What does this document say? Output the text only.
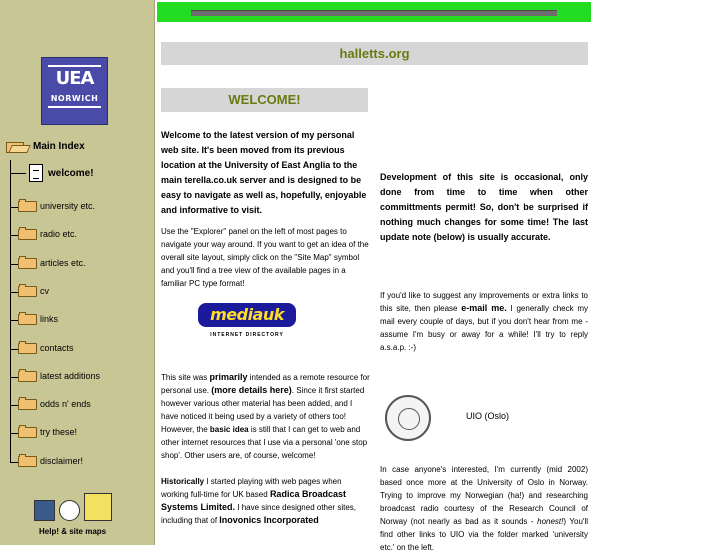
UEA
NORWICH
Main Index
welcome!
Help! & site maps
university etc.
radio etc.
articles etc.
cv
links
contacts
latest additions
odds n' ends
try these!
disclaimer!
halletts.org
WELCOME!

Welcome to the latest version of my personal web site. It's been moved from its previous location at the University of East Anglia to the main terella.co.uk server and is designed to be easy to navigate as well as, hopefully, enjoyable and informative to visit.

Use the "Explorer" panel on the left of most pages to navigate your way around. If you want to get an idea of the overall site layout, simply click on the "Site Map" symbol and you'll find a tree view of the available pages in a familiar PC type format!

mediauk
INTERNET DIRECTORY

This site was primarily intended as a remote resource for personal use. (more details here). Since it first started however various other material has been added, and I have noticed it being used by a variety of others too! However, the basic idea is still that I can get to web and other internet resources that I use via a personal 'one stop shop'. Other users are, of course, welcome!

Historically I started playing with web pages when working full-time for UK based Radica Broadcast Systems Limited. I have since designed other sites, including that of Inovonics Incorporated

Development of this site is occasional, only done from time to time when other committments permit! So, don't be surprised if nothing much changes for some time! The last update note (below) is usually accurate.

If you'd like to suggest any improvements or extra links to this site, then please e-mail me. I generally check my mail every couple of days, but if you don't hear from me - assume I'm busy or away for a while! I'll try to reply a.s.a.p. :-)

UIO (Oslo)
In case anyone's interested, I'm currently (mid 2002) based once more at the University of Oslo in Norway. Trying to improve my Norwegian (ha!) and researching broadcast radio courtesy of the Research Council of Norway (not nearly as bad as it sounds - honest!) You'll find other links to UIO via the folder marked 'university etc.' on the left.
